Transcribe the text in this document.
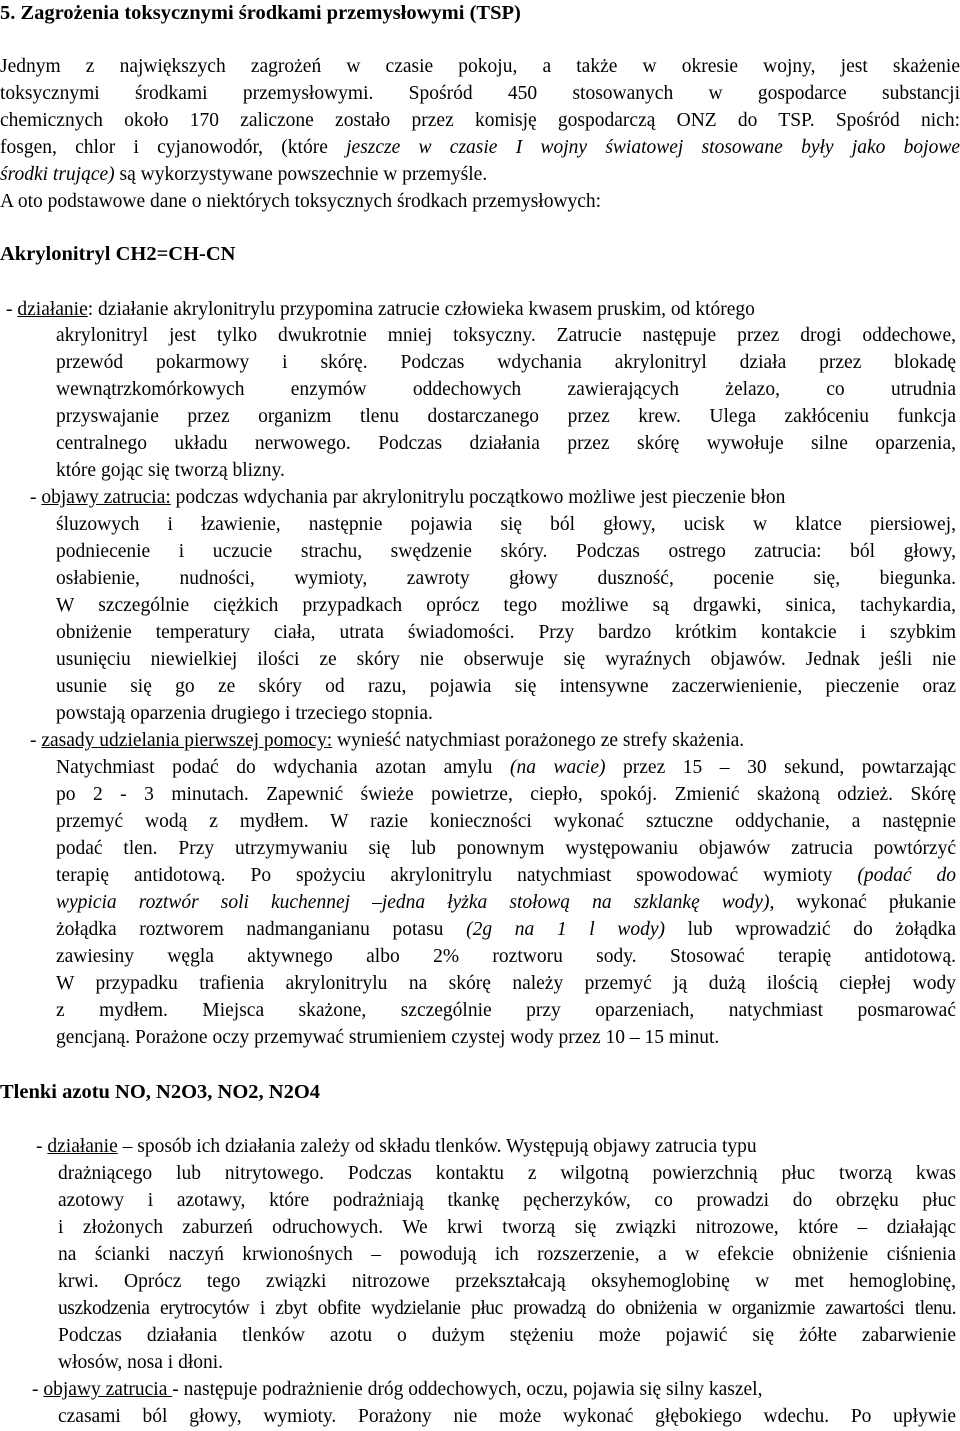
5. Zagrożenia toksycznymi środkami przemysłowymi (TSP)
Jednym z największych zagrożeń w czasie pokoju, a także w okresie wojny, jest skażenie
toksycznymi środkami przemysłowymi. Spośród 450 stosowanych w gospodarce substancji
chemicznych około 170 zaliczone zostało przez komisję gospodarczą ONZ do TSP. Spośród nich:
fosgen, chlor i cyjanowodór, (które jeszcze w czasie I wojny światowej stosowane były jako bojowe
środki trujące) są wykorzystywane powszechnie w przemyśle.
A oto podstawowe dane o niektórych toksycznych środkach przemysłowych:
Akrylonitryl CH2=CH-CN
- działanie: działanie akrylonitrylu przypomina zatrucie człowieka kwasem pruskim, od którego
akrylonitryl jest tylko dwukrotnie mniej toksyczny. Zatrucie następuje przez drogi oddechowe,
przewód pokarmowy i skórę. Podczas wdychania akrylonitryl działa przez blokadę
wewnątrzkomórkowych enzymów oddechowych zawierających żelazo, co utrudnia
przyswajanie przez organizm tlenu dostarczanego przez krew. Ulega zakłóceniu funkcja
centralnego układu nerwowego. Podczas działania przez skórę wywołuje silne oparzenia,
które gojąc się tworzą blizny.
- objawy zatrucia: podczas wdychania par akrylonitrylu początkowo możliwe jest pieczenie błon
śluzowych i łzawienie, następnie pojawia się ból głowy, ucisk w klatce piersiowej,
podniecenie i uczucie strachu, swędzenie skóry. Podczas ostrego zatrucia: ból głowy,
osłabienie, nudności, wymioty, zawroty głowy duszność, pocenie się, biegunka.
W szczególnie ciężkich przypadkach oprócz tego możliwe są drgawki, sinica, tachykardia,
obniżenie temperatury ciała, utrata świadomości. Przy bardzo krótkim kontakcie i szybkim
usunięciu niewielkiej ilości ze skóry nie obserwuje się wyraźnych objawów. Jednak jeśli nie
usunie się go ze skóry od razu, pojawia się intensywne zaczerwienienie, pieczenie oraz
powstają oparzenia drugiego i trzeciego stopnia.
- zasady udzielania pierwszej pomocy: wynieść natychmiast porażonego ze strefy skażenia.
Natychmiast podać do wdychania azotan amylu (na wacie) przez 15 – 30 sekund, powtarzając
po 2 - 3 minutach. Zapewnić świeże powietrze, ciepło, spokój. Zmienić skażoną odzież. Skórę
przemyć wodą z mydłem. W razie konieczności wykonać sztuczne oddychanie, a następnie
podać tlen. Przy utrzymywaniu się lub ponownym występowaniu objawów zatrucia powtórzyć
terapię antidotową. Po spożyciu akrylonitrylu natychmiast spowodować wymioty (podać do
wypicia roztwór soli kuchennej –jedna łyżka stołową na szklankę wody), wykonać płukanie
żołądka roztworem nadmanganianu potasu (2g na 1 l wody) lub wprowadzić do żołądka
zawiesiny węgla aktywnego albo 2% roztworu sody. Stosować terapię antidotową.
W przypadku trafienia akrylonitrylu na skórę należy przemyć ją dużą ilością ciepłej wody
z mydłem. Miejsca skażone, szczególnie przy oparzeniach, natychmiast posmarować
gencjaną. Porażone oczy przemywać strumieniem czystej wody przez 10 – 15 minut.
Tlenki azotu NO, N2O3, NO2, N2O4
- działanie – sposób ich działania zależy od składu tlenków. Występują objawy zatrucia typu
drażniącego lub nitrytowego. Podczas kontaktu z wilgotną powierzchnią płuc tworzą kwas
azotowy i azotawy, które podrażniają tkankę pęcherzyków, co prowadzi do obrzęku płuc
i złożonych zaburzeń odruchowych. We krwi tworzą się związki nitrozowe, które – działając
na ścianki naczyń krwionośnych – powodują ich rozszerzenie, a w efekcie obniżenie ciśnienia
krwi. Oprócz tego związki nitrozowe przekształcają oksyhemoglobinę w met hemoglobinę,
uszkodzenia erytrocytów i zbyt obfite wydzielanie płuc prowadzą do obniżenia w organizmie zawartości tlenu.
Podczas działania tlenków azotu o dużym stężeniu może pojawić się żółte zabarwienie
włosów, nosa i dłoni.
- objawy zatrucia - następuje podrażnienie dróg oddechowych, oczu, pojawia się silny kaszel,
czasami ból głowy, wymioty. Porażony nie może wykonać głębokiego wdechu. Po upływie
